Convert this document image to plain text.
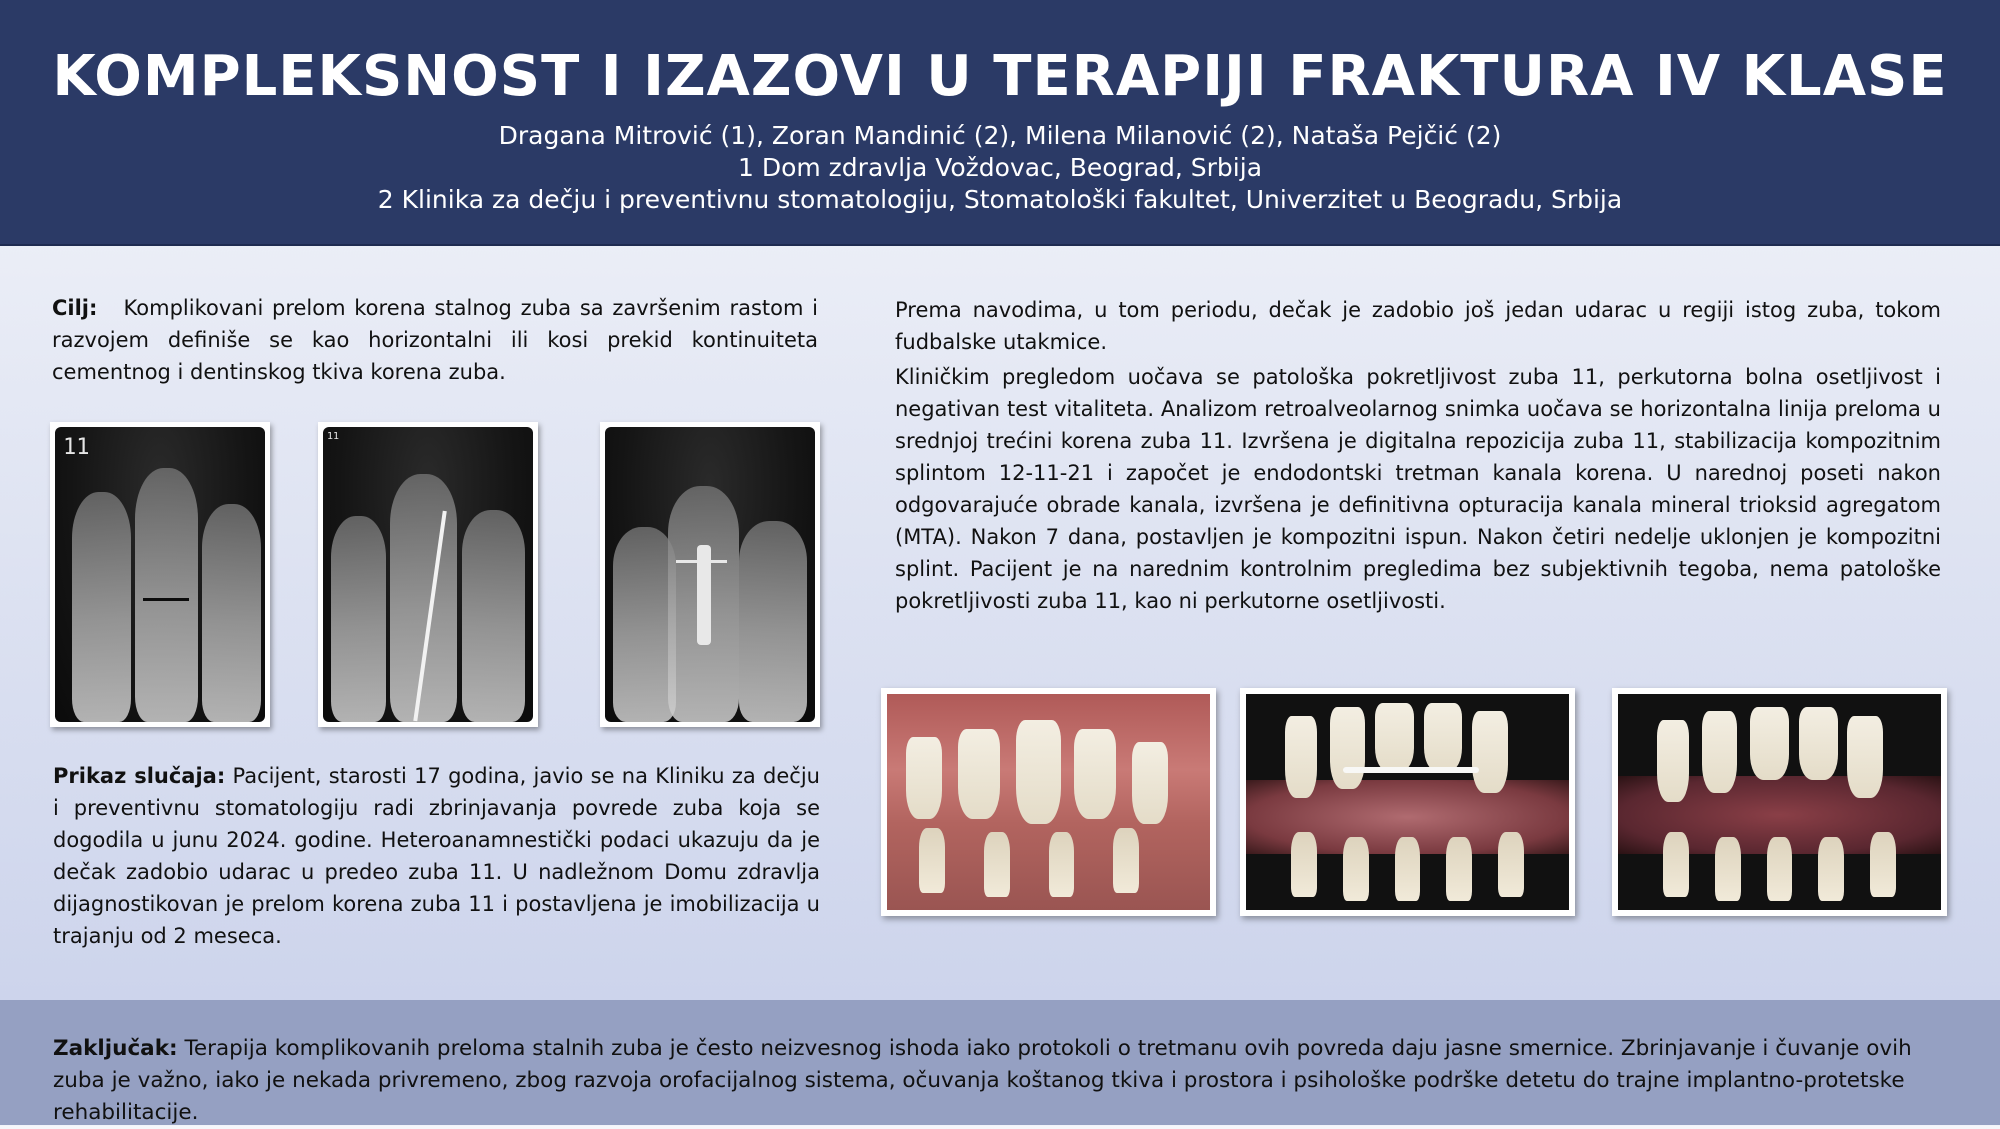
KOMPLEKSNOST I IZAZOVI U TERAPIJI FRAKTURA IV KLASE
Dragana Mitrović (1), Zoran Mandinić (2), Milena Milanović (2), Nataša Pejčić (2)
1 Dom zdravlja Voždovac, Beograd, Srbija
2 Klinika za dečju i preventivnu stomatologiju, Stomatološki fakultet, Univerzitet u Beogradu, Srbija

Cilj: Komplikovani prelom korena stalnog zuba sa završenim rastom i razvojem definiše se kao horizontalni ili kosi prekid kontinuiteta cementnog i dentinskog tkiva korena zuba.

11	11

Prikaz slučaja: Pacijent, starosti 17 godina, javio se na Kliniku za dečju i preventivnu stomatologiju radi zbrinjavanja povrede zuba koja se dogodila u junu 2024. godine. Heteroanamnestički podaci ukazuju da je dečak zadobio udarac u predeo zuba 11. U nadležnom Domu zdravlja dijagnostikovan je prelom korena zuba 11 i postavljena je imobilizacija u trajanju od 2 meseca.

Prema navodima, u tom periodu, dečak je zadobio još jedan udarac u regiji istog zuba, tokom fudbalske utakmice.

Kliničkim pregledom uočava se patološka pokretljivost zuba 11, perkutorna bolna osetljivost i negativan test vitaliteta. Analizom retroalveolarnog snimka uočava se horizontalna linija preloma u srednjoj trećini korena zuba 11. Izvršena je digitalna repozicija zuba 11, stabilizacija kompozitnim splintom 12-11-21 i započet je endodontski tretman kanala korena. U narednoj poseti nakon odgovarajuće obrade kanala, izvršena je definitivna opturacija kanala mineral trioksid agregatom (MTA). Nakon 7 dana, postavljen je kompozitni ispun. Nakon četiri nedelje uklonjen je kompozitni splint. Pacijent je na narednim kontrolnim pregledima bez subjektivnih tegoba, nema patološke pokretljivosti zuba 11, kao ni perkutorne osetljivosti.

Zaključak: Terapija komplikovanih preloma stalnih zuba je često neizvesnog ishoda iako protokoli o tretmanu ovih povreda daju jasne smernice. Zbrinjavanje i čuvanje ovih zuba je važno, iako je nekada privremeno, zbog razvoja orofacijalnog sistema, očuvanja koštanog tkiva i prostora i psihološke podrške detetu do trajne implantno-protetske rehabilitacije.
